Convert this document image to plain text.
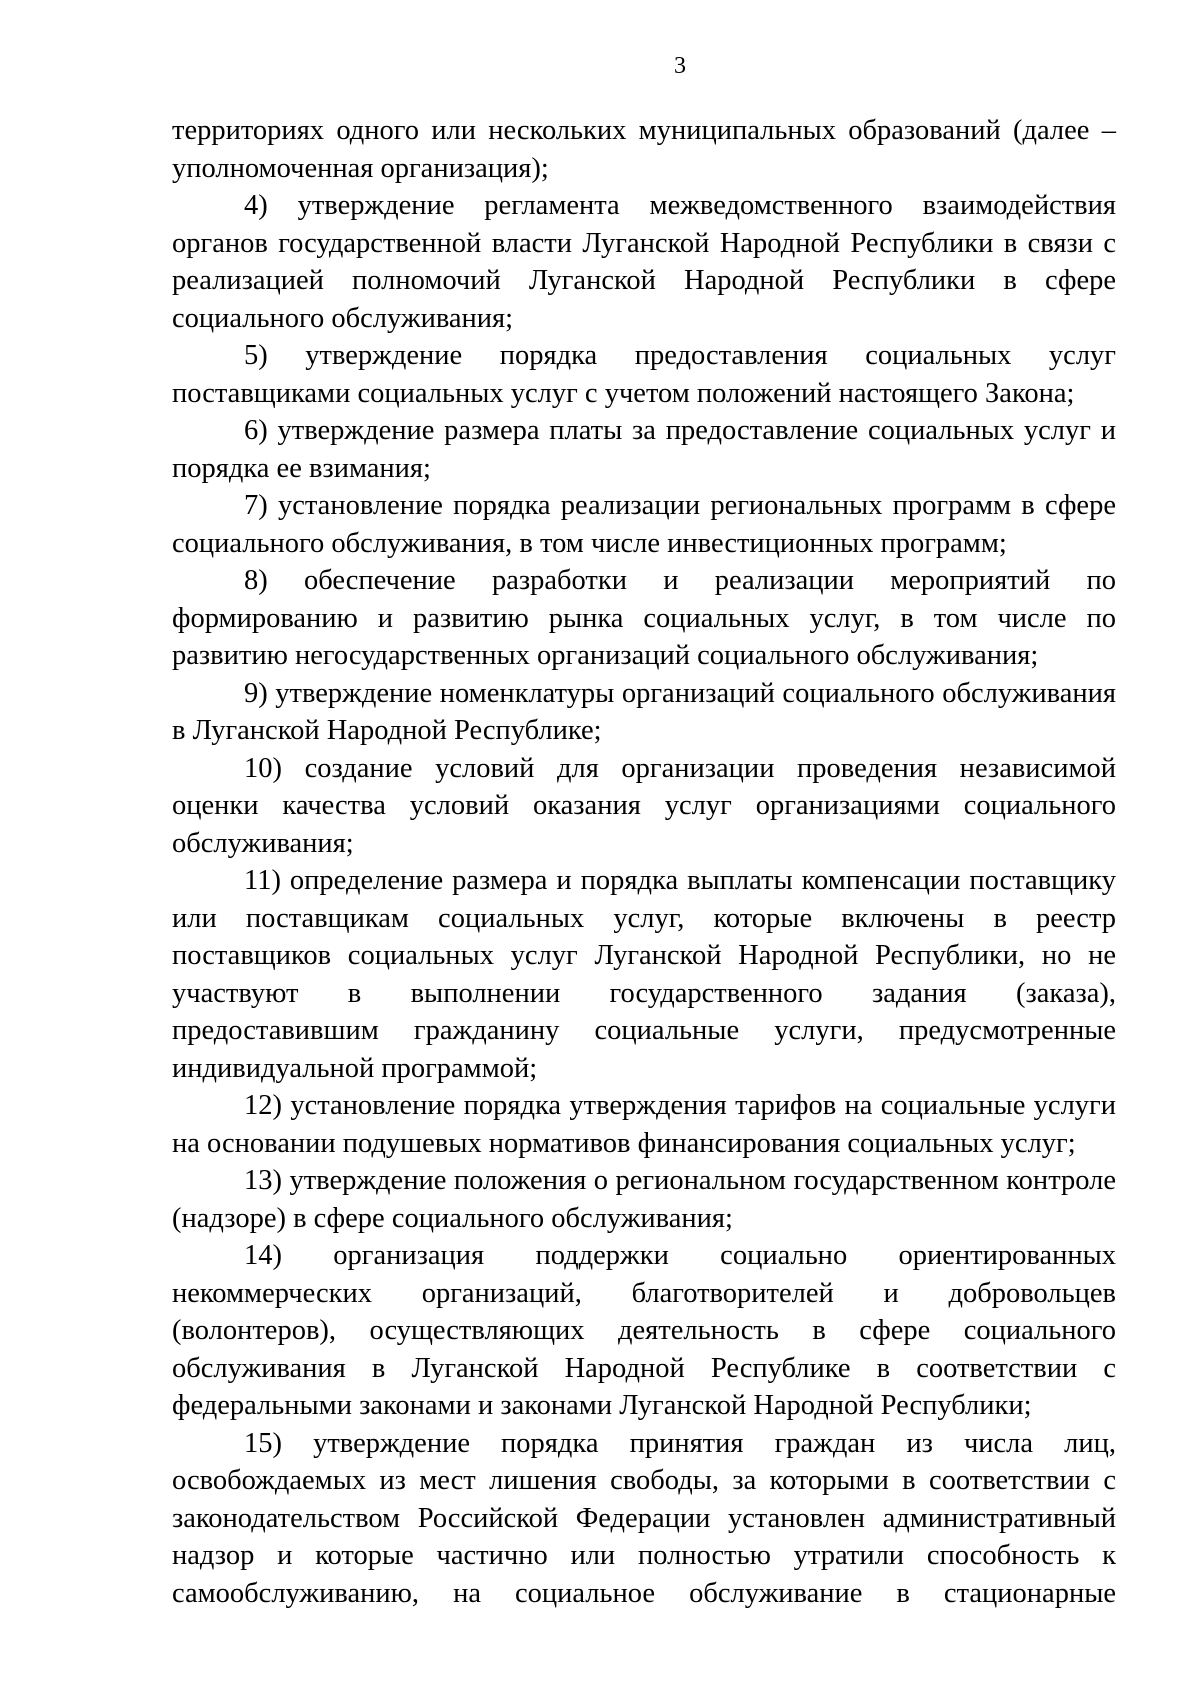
3

территориях одного или нескольких муниципальных образований (далее – уполномоченная организация);

4) утверждение регламента межведомственного взаимодействия органов государственной власти Луганской Народной Республики в связи с реализацией полномочий Луганской Народной Республики в сфере социального обслуживания;

5) утверждение порядка предоставления социальных услуг поставщиками социальных услуг с учетом положений настоящего Закона;

6) утверждение размера платы за предоставление социальных услуг и порядка ее взимания;

7) установление порядка реализации региональных программ в сфере социального обслуживания, в том числе инвестиционных программ;

8) обеспечение разработки и реализации мероприятий по формированию и развитию рынка социальных услуг, в том числе по развитию негосударственных организаций социального обслуживания;

9) утверждение номенклатуры организаций социального обслуживания в Луганской Народной Республике;

10) создание условий для организации проведения независимой оценки качества условий оказания услуг организациями социального обслуживания;

11) определение размера и порядка выплаты компенсации поставщику или поставщикам социальных услуг, которые включены в реестр поставщиков социальных услуг Луганской Народной Республики, но не участвуют в выполнении государственного задания (заказа), предоставившим гражданину социальные услуги, предусмотренные индивидуальной программой;

12) установление порядка утверждения тарифов на социальные услуги на основании подушевых нормативов финансирования социальных услуг;

13) утверждение положения о региональном государственном контроле (надзоре) в сфере социального обслуживания;

14) организация поддержки социально ориентированных некоммерческих организаций, благотворителей и добровольцев (волонтеров), осуществляющих деятельность в сфере социального обслуживания в Луганской Народной Республике в соответствии с федеральными законами и законами Луганской Народной Республики;

15) утверждение порядка принятия граждан из числа лиц, освобождаемых из мест лишения свободы, за которыми в соответствии с законодательством Российской Федерации установлен административный надзор и которые частично или полностью утратили способность к самообслуживанию, на социальное обслуживание в стационарные
